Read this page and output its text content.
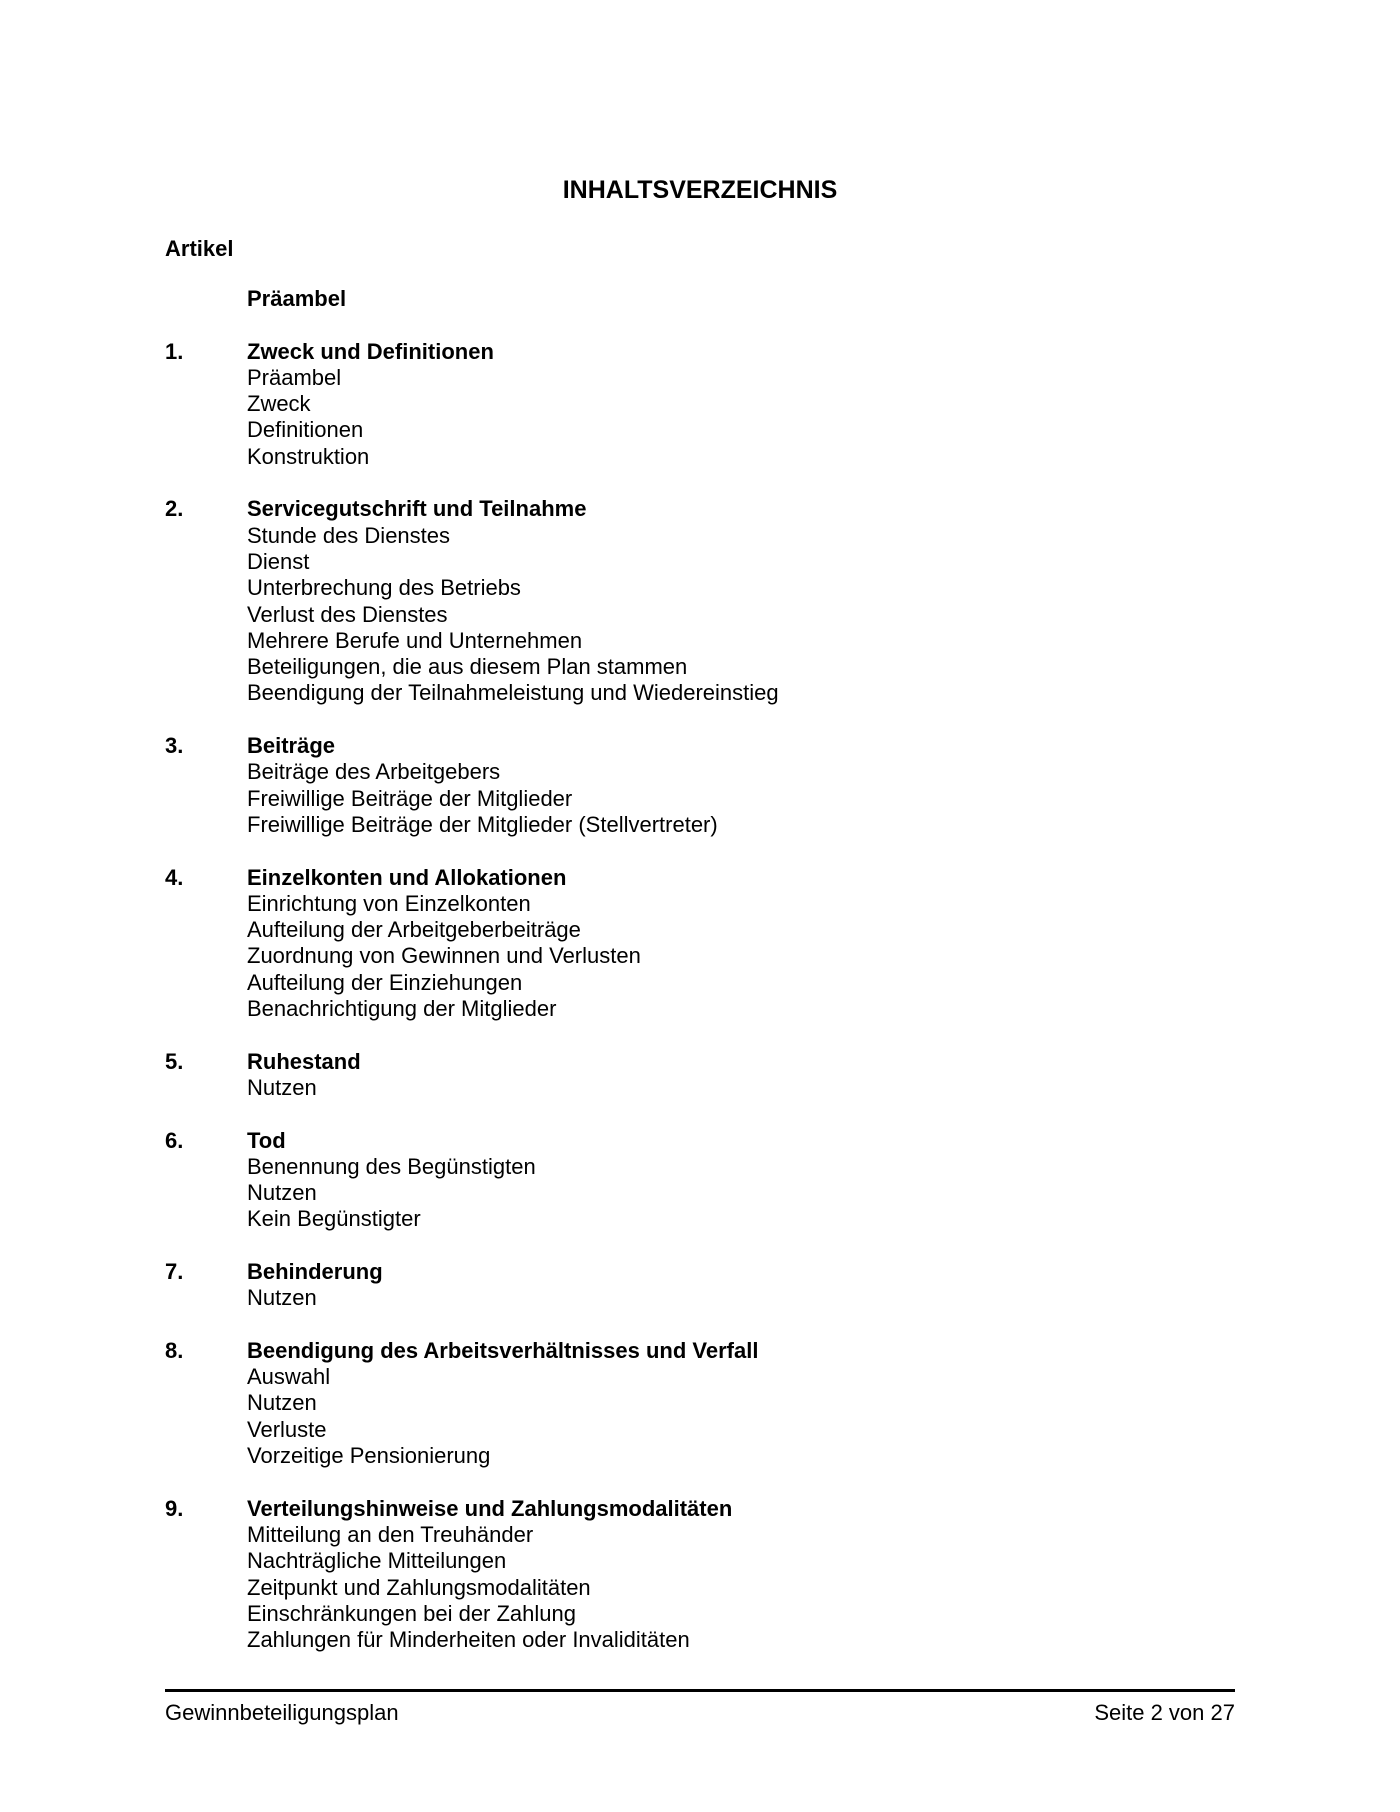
INHALTSVERZEICHNIS
Artikel
Präambel
1.	Zweck und Definitionen
Präambel
Zweck
Definitionen
Konstruktion
2.	Servicegutschrift und Teilnahme
Stunde des Dienstes
Dienst
Unterbrechung des Betriebs
Verlust des Dienstes
Mehrere Berufe und Unternehmen
Beteiligungen, die aus diesem Plan stammen
Beendigung der Teilnahmeleistung und Wiedereinstieg
3.	Beiträge
Beiträge des Arbeitgebers
Freiwillige Beiträge der Mitglieder
Freiwillige Beiträge der Mitglieder (Stellvertreter)
4.	Einzelkonten und Allokationen
Einrichtung von Einzelkonten
Aufteilung der Arbeitgeberbeiträge
Zuordnung von Gewinnen und Verlusten
Aufteilung der Einziehungen
Benachrichtigung der Mitglieder
5.	Ruhestand
Nutzen
6.	Tod
Benennung des Begünstigten
Nutzen
Kein Begünstigter
7.	Behinderung
Nutzen
8.	Beendigung des Arbeitsverhältnisses und Verfall
Auswahl
Nutzen
Verluste
Vorzeitige Pensionierung
9.	Verteilungshinweise und Zahlungsmodalitäten
Mitteilung an den Treuhänder
Nachträgliche Mitteilungen
Zeitpunkt und Zahlungsmodalitäten
Einschränkungen bei der Zahlung
Zahlungen für Minderheiten oder Invaliditäten
Gewinnbeteiligungsplan	Seite 2 von 27
